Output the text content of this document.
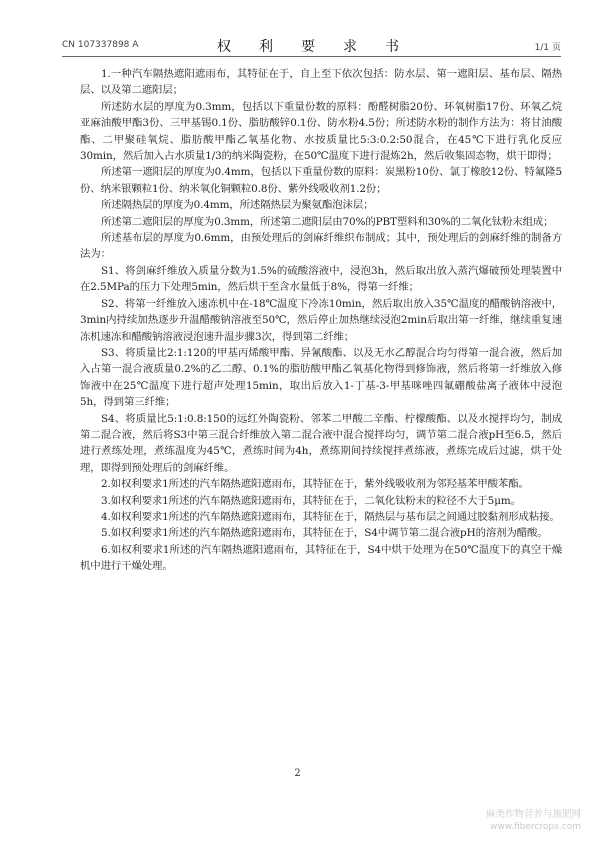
CN 107337898 A	权　利　要　求　书	1/1 页

1.一种汽车隔热遮阳遮雨布，其特征在于，自上至下依次包括：防水层、第一遮阳层、基布层、隔热层、以及第二遮阳层；

所述防水层的厚度为0.3mm，包括以下重量份数的原料：酚醛树脂20份、环氧树脂17份、环氧乙烷亚麻油酸甲酯3份、三甲基锡0.1份、脂肪酸锌0.1份、防水粉4.5份；所述防水粉的制作方法为：将甘油酸酯、二甲聚硅氧烷、脂肪酸甲酯乙氧基化物、水按质量比5:3:0.2:50混合，在45℃下进行乳化反应30min，然后加入占水质量1/3的纳米陶瓷粉，在50℃温度下进行混炼2h，然后收集固态物，烘干即得；

所述第一遮阳层的厚度为0.4mm，包括以下重量份数的原料：炭黑粉10份、氯丁橡胶12份、特氟隆5份、纳米银颗粒1份、纳米氧化铜颗粒0.8份、紫外线吸收剂1.2份；

所述隔热层的厚度为0.4mm，所述隔热层为聚氨酯泡沫层；

所述第二遮阳层的厚度为0.3mm，所述第二遮阳层由70%的PBT塑料和30%的二氧化钛粉末组成；

所述基布层的厚度为0.6mm，由预处理后的剑麻纤维织布制成；其中，预处理后的剑麻纤维的制备方法为：

S1、将剑麻纤维放入质量分数为1.5%的硫酸溶液中，浸泡3h，然后取出放入蒸汽爆破预处理装置中在2.5MPa的压力下处理5min，然后烘干至含水量低于8%，得第一纤维；

S2、将第一纤维放入速冻机中在-18℃温度下冷冻10min，然后取出放入35℃温度的醋酸钠溶液中，3min内持续加热逐步升温醋酸钠溶液至50℃，然后停止加热继续浸泡2min后取出第一纤维，继续重复速冻机速冻和醋酸钠溶液浸泡速升温步骤3次，得到第二纤维；

S3、将质量比2:1:120的甲基丙烯酸甲酯、异氰酸酯、以及无水乙醇混合均匀得第一混合液，然后加入占第一混合液质量0.2%的乙二醇、0.1%的脂肪酸甲酯乙氧基化物得到修饰液，然后将第一纤维放入修饰液中在25℃温度下进行超声处理15min，取出后放入1-丁基-3-甲基咪唑四氟硼酸盐离子液体中浸泡5h，得到第三纤维；

S4、将质量比5:1:0.8:150的远红外陶瓷粉、邻苯二甲酸二辛酯、柠檬酸酯、以及水搅拌均匀，制成第二混合液，然后将S3中第三混合纤维放入第二混合液中混合搅拌均匀，调节第二混合液pH至6.5，然后进行煮练处理，煮练温度为45℃，煮练时间为4h，煮练期间持续搅拌煮练液，煮练完成后过滤，烘干处理，即得到预处理后的剑麻纤维。

2.如权利要求1所述的汽车隔热遮阳遮雨布，其特征在于，紫外线吸收剂为邻羟基苯甲酸苯酯。

3.如权利要求1所述的汽车隔热遮阳遮雨布，其特征在于，二氧化钛粉末的粒径不大于5μm。

4.如权利要求1所述的汽车隔热遮阳遮雨布，其特征在于，隔热层与基布层之间通过胶黏剂形成粘接。

5.如权利要求1所述的汽车隔热遮阳遮雨布，其特征在于，S4中调节第二混合液pH的溶剂为醋酸。

6.如权利要求1所述的汽车隔热遮阳遮雨布，其特征在于，S4中烘干处理为在50℃温度下的真空干燥机中进行干燥处理。

2
麻类作物营养与施肥网
www.fibercrops.com
